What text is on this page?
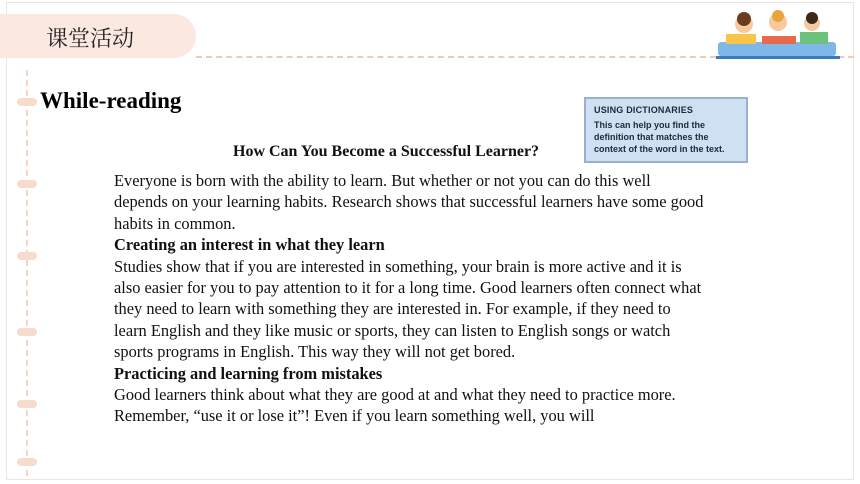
课堂活动
While-reading	USING DICTIONARIES
This can help you find the definition that matches the context of the word in the text.
How Can You Become a Successful Learner?

Everyone is born with the ability to learn. But whether or not you can do this well depends on your learning habits. Research shows that successful learners have some good habits in common.

Creating an interest in what they learn

Studies show that if you are interested in something, your brain is more active and it is also easier for you to pay attention to it for a long time. Good learners often connect what they need to learn with something they are interested in. For example, if they need to learn English and they like music or sports, they can listen to English songs or watch sports programs in English. This way they will not get bored.

Practicing and learning from mistakes

Good learners think about what they are good at and what they need to practice more. Remember, “use it or lose it”! Even if you learn something well, you will
